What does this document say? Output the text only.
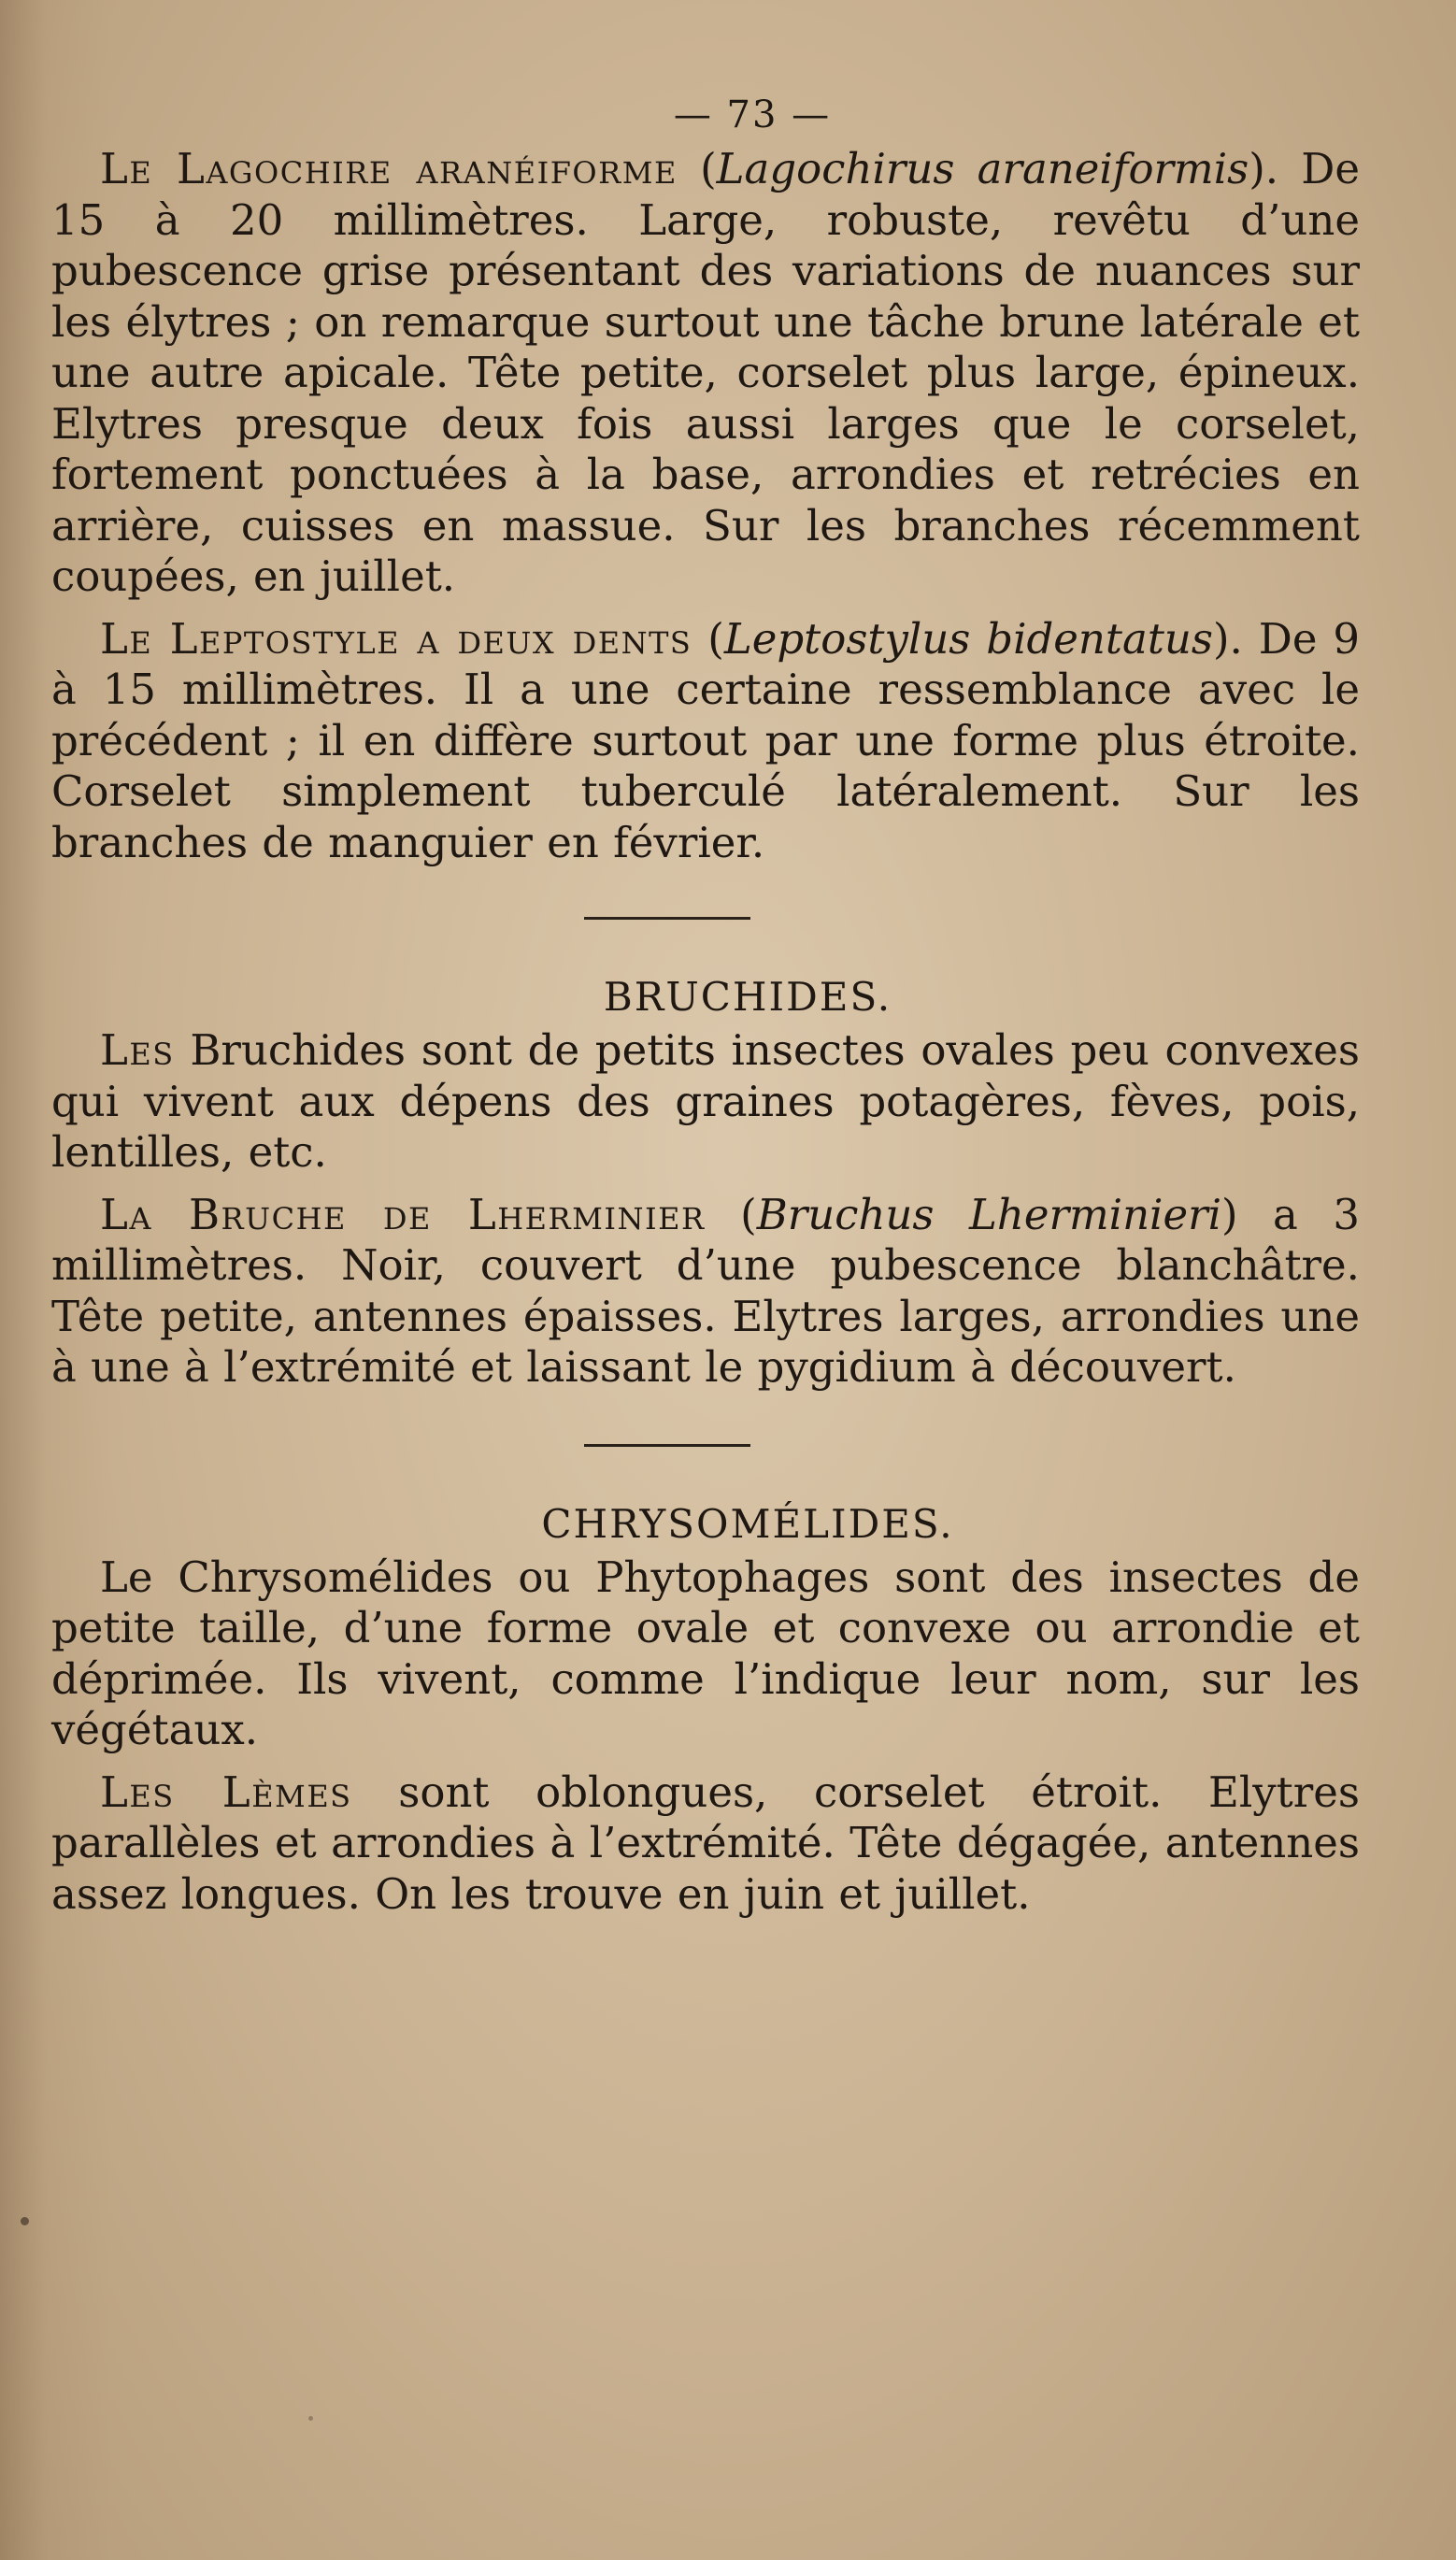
— 73 —

Le Lagochire aranéiforme (Lagochirus araneiformis). De 15 à 20 millimètres. Large, robuste, revêtu d’une pubescence grise présentant des variations de nuances sur les élytres ; on remarque surtout une tâche brune latérale et une autre apicale. Tête petite, corselet plus large, épineux. Elytres presque deux fois aussi larges que le corselet, fortement ponctuées à la base, arrondies et retrécies en arrière, cuisses en massue. Sur les branches récemment coupées, en juillet.

Le Leptostyle a deux dents (Leptostylus bidentatus). De 9 à 15 millimètres. Il a une certaine ressemblance avec le précédent ; il en diffère surtout par une forme plus étroite. Corselet simplement tuberculé latéralement. Sur les branches de manguier en février.

BRUCHIDES.

Les Bruchides sont de petits insectes ovales peu convexes qui vivent aux dépens des graines potagères, fèves, pois, lentilles, etc.

La Bruche de Lherminier (Bruchus Lherminieri) a 3 millimètres. Noir, couvert d’une pubescence blanchâtre. Tête petite, antennes épaisses. Elytres larges, arrondies une à une à l’extrémité et laissant le pygidium à découvert.

CHRYSOMÉLIDES.

Le Chrysomélides ou Phytophages sont des insectes de petite taille, d’une forme ovale et convexe ou arrondie et déprimée. Ils vivent, comme l’indique leur nom, sur les végétaux.

Les Lèmes sont oblongues, corselet étroit. Elytres parallèles et arrondies à l’extrémité. Tête dégagée, antennes assez longues. On les trouve en juin et juillet.
